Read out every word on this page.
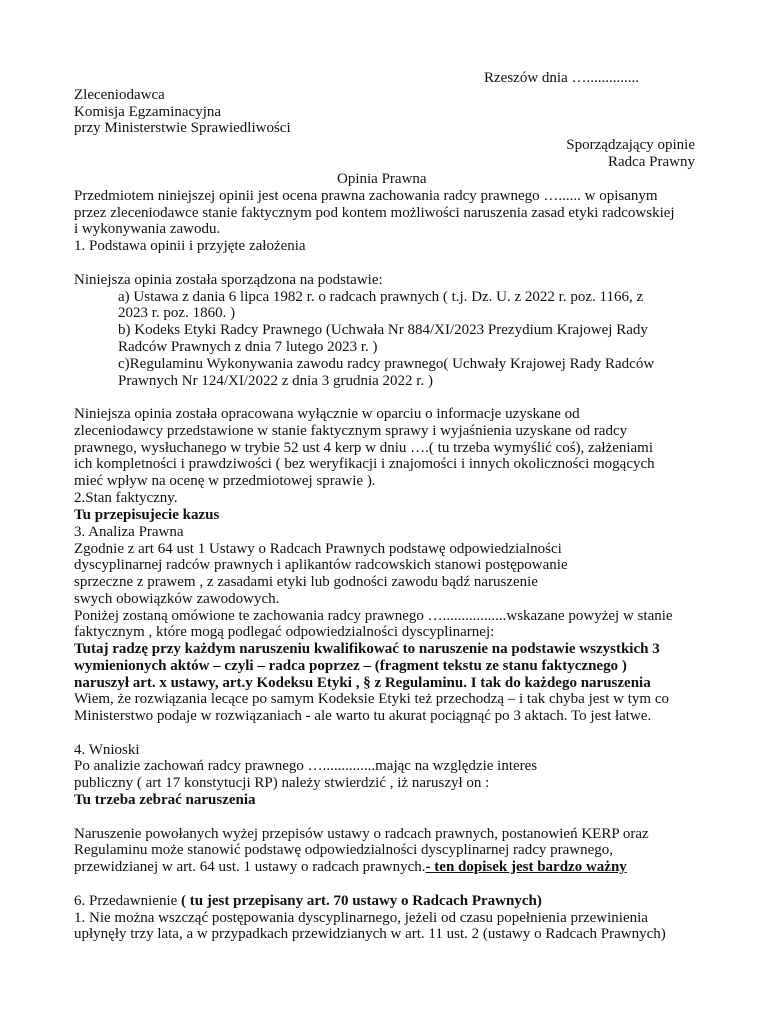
Rzeszów dnia …..............
Zleceniodawca
Komisja Egzaminacyjna
przy Ministerstwie Sprawiedliwości
Sporządzający opinie
Radca Prawny
Opinia Prawna
Przedmiotem niniejszej opinii jest ocena prawna zachowania radcy prawnego …...... w opisanym
przez zleceniodawce stanie faktycznym pod kontem możliwości naruszenia zasad etyki radcowskiej
i wykonywania zawodu.
1. Podstawa opinii i przyjęte założenia
Niniejsza opinia została sporządzona na podstawie:
a) Ustawa z dania 6 lipca 1982 r. o radcach prawnych ( t.j. Dz. U. z 2022 r. poz. 1166, z
2023 r. poz. 1860. )
b) Kodeks Etyki Radcy Prawnego (Uchwała Nr 884/XI/2023 Prezydium Krajowej Rady
Radców Prawnych z dnia 7 lutego 2023 r. )
c)Regulaminu Wykonywania zawodu radcy prawnego( Uchwały Krajowej Rady Radców
Prawnych Nr 124/XI/2022 z dnia 3 grudnia 2022 r. )
Niniejsza opinia została opracowana wyłącznie w oparciu o informacje uzyskane od
zleceniodawcy przedstawione w stanie faktycznym sprawy i wyjaśnienia uzyskane od radcy
prawnego, wysłuchanego w trybie 52 ust 4 kerp w dniu ….( tu trzeba wymyślić coś), załżeniami
ich kompletności i prawdziwości ( bez weryfikacji i znajomości i innych okoliczności mogących
mieć wpływ na ocenę w przedmiotowej sprawie ).
2.Stan faktyczny.
Tu przepisujecie kazus
3. Analiza Prawna
Zgodnie z art 64 ust 1 Ustawy o Radcach Prawnych podstawę odpowiedzialności
dyscyplinarnej radców prawnych i aplikantów radcowskich stanowi postępowanie
sprzeczne z prawem , z zasadami etyki lub godności zawodu bądź naruszenie
swych obowiązków zawodowych.
Poniżej zostaną omówione te zachowania radcy prawnego ….................wskazane powyżej w stanie
faktycznym , które mogą podlegać odpowiedzialności dyscyplinarnej:
Tutaj radzę przy każdym naruszeniu kwalifikować to naruszenie na podstawie wszystkich 3
wymienionych aktów – czyli – radca poprzez – (fragment tekstu ze stanu faktycznego )
naruszył art. x ustawy, art.y Kodeksu Etyki , § z Regulaminu. I tak do każdego naruszenia
Wiem, że rozwiązania lecące po samym Kodeksie Etyki też przechodzą – i tak chyba jest w tym co
Ministerstwo podaje w rozwiązaniach - ale warto tu akurat pociągnąć po 3 aktach. To jest łatwe.
4. Wnioski
Po analizie zachowań radcy prawnego …..............mając na względzie interes
publiczny ( art 17 konstytucji RP) należy stwierdzić , iż naruszył on :
Tu trzeba zebrać naruszenia
Naruszenie powołanych wyżej przepisów ustawy o radcach prawnych, postanowień KERP oraz
Regulaminu może stanowić podstawę odpowiedzialności dyscyplinarnej radcy prawnego,
przewidzianej w art. 64 ust. 1 ustawy o radcach prawnych.- ten dopisek jest bardzo ważny
6. Przedawnienie ( tu jest przepisany art. 70 ustawy o Radcach Prawnych)
1. Nie można wszcząć postępowania dyscyplinarnego, jeżeli od czasu popełnienia przewinienia
upłynęły trzy lata, a w przypadkach przewidzianych w art. 11 ust. 2 (ustawy o Radcach Prawnych)
